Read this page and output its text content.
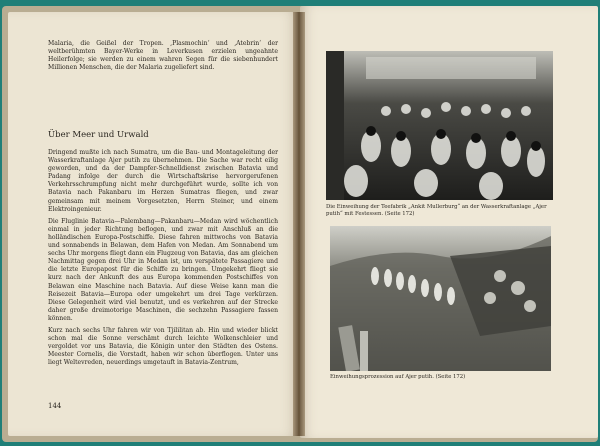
Malaria, die Geißel der Tropen. ‚Plasmochin‘ und ‚Atebrin‘ der weltberühmten Bayer-Werke in Leverkusen erzielen ungeahnte Heilerfolge; sie werden zu einem wahren Segen für die siebenhundert Millionen Menschen, die der Malaria zugeliefert sind.

Über Meer und Urwald

Dringend mußte ich nach Sumatra, um die Bau- und Montageleitung der Wasserkraftanlage Ajer putih zu übernehmen. Die Sache war recht eilig geworden, und da der Dampfer-Schnelldienst zwischen Batavia und Padang infolge der durch die Wirtschaftskrise hervorgerufenen Verkehrsschrumpfung nicht mehr durchgeführt wurde, sollte ich von Batavia nach Pakanbaru im Herzen Sumatras fliegen, und zwar gemeinsam mit meinem Vorgesetzten, Herrn Steiner, und einem Elektroingenieur.

Die Fluglinie Batavia—Palembang—Pakanbaru—Medan wird wöchentlich einmal in jeder Richtung beflogen, und zwar mit Anschluß an die holländischen Europa-Postschiffe. Diese fahren mittwochs von Batavia und sonnabends in Belawan, dem Hafen von Medan. Am Sonnabend um sechs Uhr morgens fliegt dann ein Flugzeug von Batavia, das am gleichen Nachmittag gegen drei Uhr in Medan ist, um verspätete Passagiere und die letzte Europapost für die Schiffe zu bringen. Umgekehrt fliegt sie kurz nach der Ankunft des aus Europa kommenden Postschiffes von Belawan eine Maschine nach Batavia. Auf diese Weise kann man die Reisezeit Batavia—Europa oder umgekehrt um drei Tage verkürzen. Diese Gelegenheit wird viel benutzt, und es verkehren auf der Strecke daher große dreimotorige Maschinen, die sechzehn Passagiere fassen können.

Kurz nach sechs Uhr fahren wir von Tjililitan ab. Hin und wieder blickt schon mal die Sonne verschämt durch leichte Wolkenschleier und vergoldet vor uns Batavia, die Königin unter den Städten des Ostens. Meester Cornelis, die Vorstadt, haben wir schon überflogen. Unter uns liegt Weltevreden, neuerdings umgetauft in Batavia-Zentrum,

144
Die Einweihung der Teefabrik „Ankit Mullerburg“ an der Wasserkraftanlage „Ajer putih“ mit Festessen. (Seite 172)
Einweihungsprozession auf Ajer putih. (Seite 172)
